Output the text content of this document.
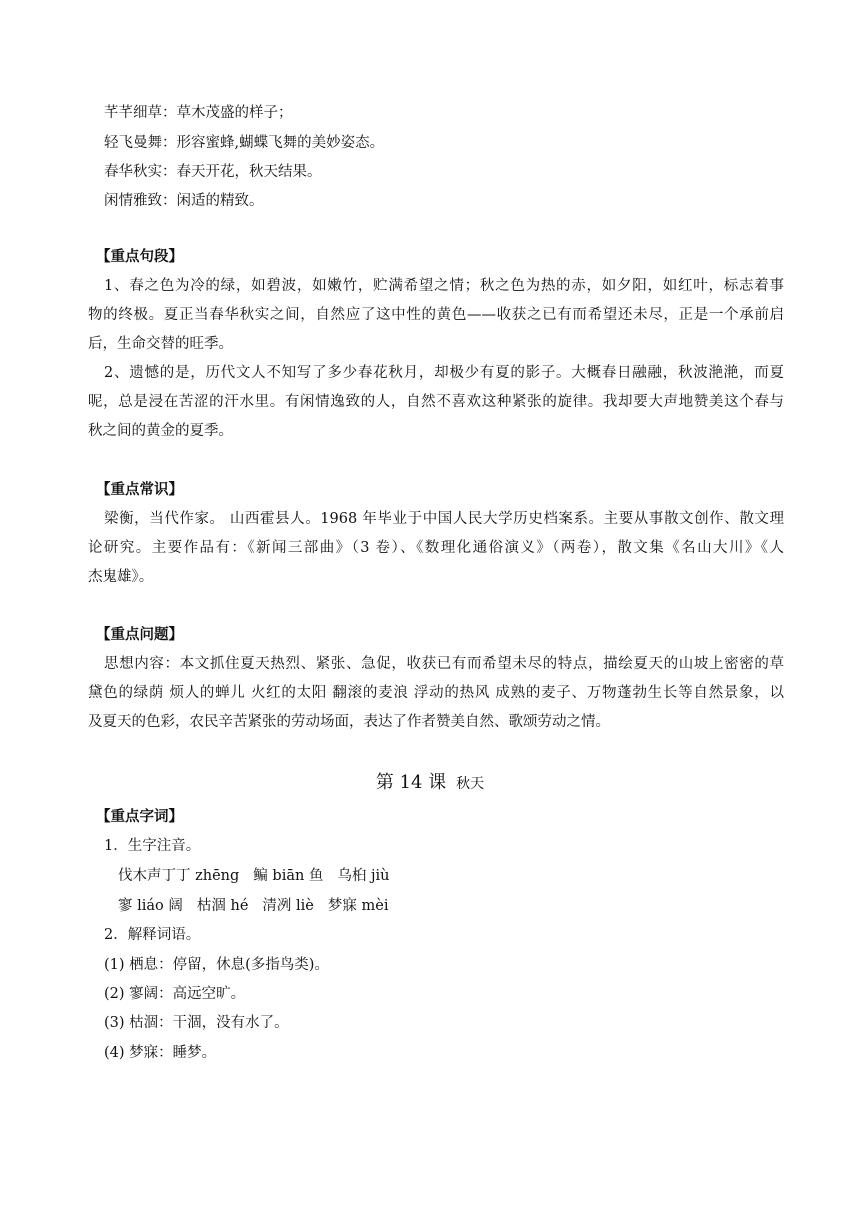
芊芊细草：草木茂盛的样子；
轻飞曼舞：形容蜜蜂,蝴蝶飞舞的美妙姿态。
春华秋实：春天开花，秋天结果。
闲情雅致：闲适的精致。
【重点句段】
1、春之色为冷的绿，如碧波，如嫩竹，贮满希望之情；秋之色为热的赤，如夕阳，如红叶，标志着事
物的终极。夏正当春华秋实之间，自然应了这中性的黄色——收获之已有而希望还未尽，正是一个承前启
后，生命交替的旺季。
2、遗憾的是，历代文人不知写了多少春花秋月，却极少有夏的影子。大概春日融融，秋波滟滟，而夏
呢，总是浸在苦涩的汗水里。有闲情逸致的人，自然不喜欢这种紧张的旋律。我却要大声地赞美这个春与
秋之间的黄金的夏季。
【重点常识】
梁衡，当代作家。 山西霍县人。1968 年毕业于中国人民大学历史档案系。主要从事散文创作、散文理
论研究。主要作品有：《新闻三部曲》（3 卷）、《数理化通俗演义》（两卷），散文集《名山大川》《人
杰鬼雄》。
【重点问题】
思想内容：本文抓住夏天热烈、紧张、急促，收获已有而希望未尽的特点，描绘夏天的山坡上密密的草
黛色的绿荫 烦人的蝉儿 火红的太阳 翻滚的麦浪 浮动的热风 成熟的麦子、万物蓬勃生长等自然景象，以
及夏天的色彩，农民辛苦紧张的劳动场面，表达了作者赞美自然、歌颂劳动之情。
第 14 课 秋天
【重点字词】
1．生字注音。
伐木声丁丁 zhēng 鳊 biān 鱼 乌桕 jiù
寥 liáo 阔 枯涸 hé 清冽 liè 梦寐 mèi
2．解释词语。
(1) 栖息：停留，休息(多指鸟类)。
(2) 寥阔：高远空旷。
(3) 枯涸：干涸，没有水了。
(4) 梦寐：睡梦。
